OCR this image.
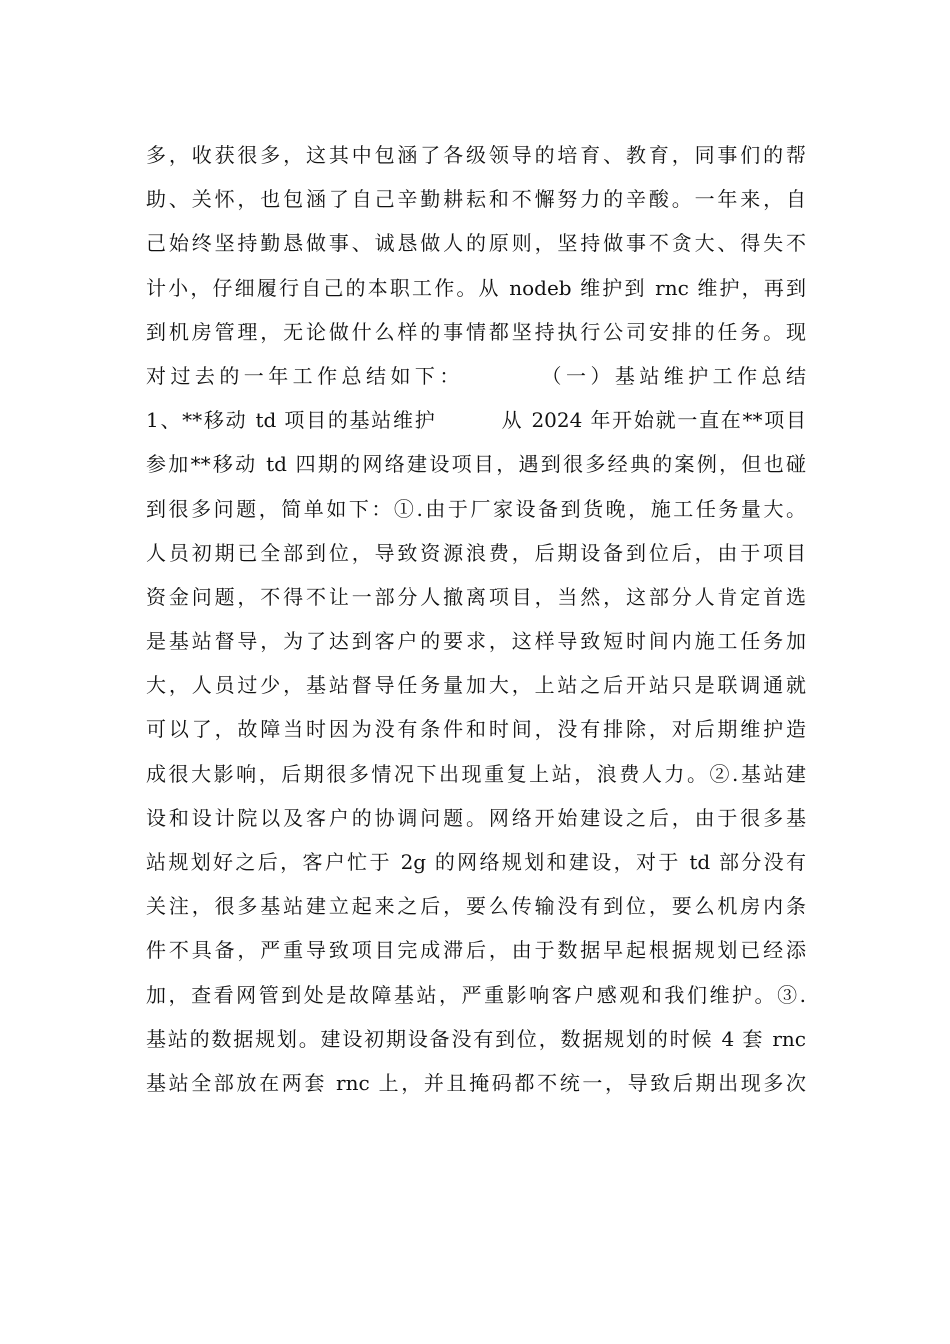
多，收获很多，这其中包涵了各级领导的培育、教育，同事们的帮
助、关怀，也包涵了自己辛勤耕耘和不懈努力的辛酸。一年来，自
己始终坚持勤恳做事、诚恳做人的原则，坚持做事不贪大、得失不
计小，仔细履行自己的本职工作。从 nodeb 维护到 rnc 维护，再到
到机房管理，无论做什么样的事情都坚持执行公司安排的任务。现
对过去的一年工作总结如下：　　　　（一）基站维护工作总结
1、**移动 td 项目的基站维护　　　从 2024 年开始就一直在**项目
参加**移动 td 四期的网络建设项目，遇到很多经典的案例，但也碰
到很多问题，简单如下：①.由于厂家设备到货晚，施工任务量大。
人员初期已全部到位，导致资源浪费，后期设备到位后，由于项目
资金问题，不得不让一部分人撤离项目，当然，这部分人肯定首选
是基站督导，为了达到客户的要求，这样导致短时间内施工任务加
大，人员过少，基站督导任务量加大，上站之后开站只是联调通就
可以了，故障当时因为没有条件和时间，没有排除，对后期维护造
成很大影响，后期很多情况下出现重复上站，浪费人力。②.基站建
设和设计院以及客户的协调问题。网络开始建设之后，由于很多基
站规划好之后，客户忙于 2g 的网络规划和建设，对于 td 部分没有
关注，很多基站建立起来之后，要么传输没有到位，要么机房内条
件不具备，严重导致项目完成滞后，由于数据早起根据规划已经添
加，查看网管到处是故障基站，严重影响客户感观和我们维护。③.
基站的数据规划。建设初期设备没有到位，数据规划的时候 4 套 rnc
基站全部放在两套 rnc 上，并且掩码都不统一，导致后期出现多次
